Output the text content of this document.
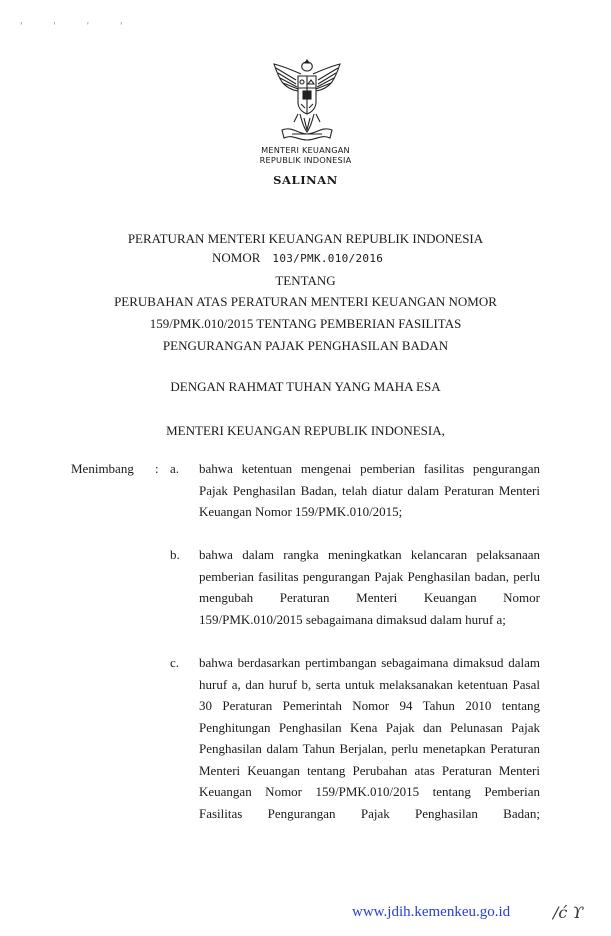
' ' ' '
MENTERI KEUANGAN
REPUBLIK INDONESIA
SALINAN
PERATURAN MENTERI KEUANGAN REPUBLIK INDONESIA
NOMOR 103/PMK.010/2016
TENTANG
PERUBAHAN ATAS PERATURAN MENTERI KEUANGAN NOMOR
159/PMK.010/2015 TENTANG PEMBERIAN FASILITAS
PENGURANGAN PAJAK PENGHASILAN BADAN
DENGAN RAHMAT TUHAN YANG MAHA ESA
MENTERI KEUANGAN REPUBLIK INDONESIA,
Menimbang : a. bahwa ketentuan mengenai pemberian fasilitas pengurangan Pajak Penghasilan Badan, telah diatur dalam Peraturan Menteri Keuangan Nomor 159/PMK.010/2015;
b. bahwa dalam rangka meningkatkan kelancaran pelaksanaan pemberian fasilitas pengurangan Pajak Penghasilan badan, perlu mengubah Peraturan Menteri Keuangan Nomor 159/PMK.010/2015 sebagaimana dimaksud dalam huruf a;
c. bahwa berdasarkan pertimbangan sebagaimana dimaksud dalam huruf a, dan huruf b, serta untuk melaksanakan ketentuan Pasal 30 Peraturan Pemerintah Nomor 94 Tahun 2010 tentang Penghitungan Penghasilan Kena Pajak dan Pelunasan Pajak Penghasilan dalam Tahun Berjalan, perlu menetapkan Peraturan Menteri Keuangan tentang Perubahan atas Peraturan Menteri Keuangan Nomor 159/PMK.010/2015 tentang Pemberian Fasilitas Pengurangan Pajak Penghasilan Badan;
www.jdih.kemenkeu.go.id	/ć ϒ
